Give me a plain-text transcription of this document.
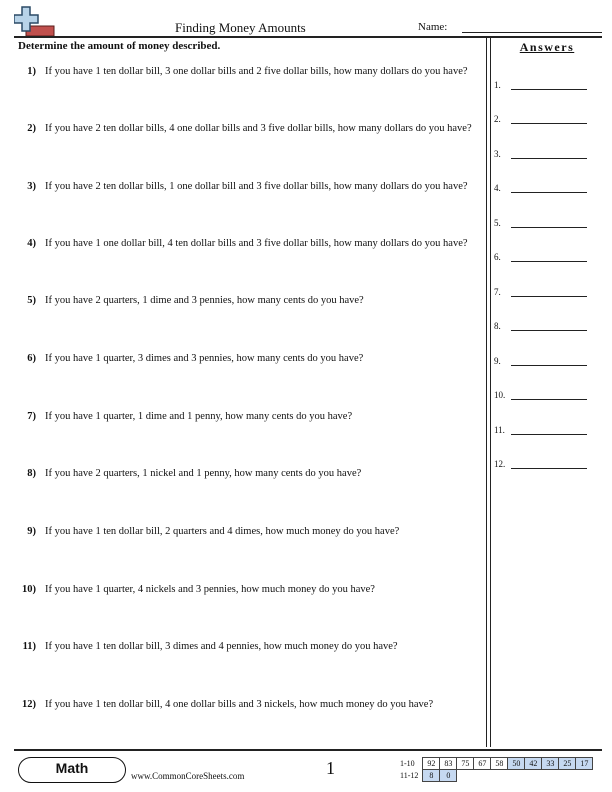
Finding Money Amounts	Name:
Determine the amount of money described.
1) If you have 1 ten dollar bill, 3 one dollar bills and 2 five dollar bills, how many dollars do you have?
2) If you have 2 ten dollar bills, 4 one dollar bills and 3 five dollar bills, how many dollars do you have?
3) If you have 2 ten dollar bills, 1 one dollar bill and 3 five dollar bills, how many dollars do you have?
4) If you have 1 one dollar bill, 4 ten dollar bills and 3 five dollar bills, how many dollars do you have?
5) If you have 2 quarters, 1 dime and 3 pennies, how many cents do you have?
6) If you have 1 quarter, 3 dimes and 3 pennies, how many cents do you have?
7) If you have 1 quarter, 1 dime and 1 penny, how many cents do you have?
8) If you have 2 quarters, 1 nickel and 1 penny, how many cents do you have?
9) If you have 1 ten dollar bill, 2 quarters and 4 dimes, how much money do you have?
10) If you have 1 quarter, 4 nickels and 3 pennies, how much money do you have?
11) If you have 1 ten dollar bill, 3 dimes and 4 pennies, how much money do you have?
12) If you have 1 ten dollar bill, 4 one dollar bills and 3 nickels, how much money do you have?
Answers
1.
2.
3.
4.
5.
6.
7.
8.
9.
10.
11.
12.
Math	www.CommonCoreSheets.com	1	1-10	92	83	75	67	58	50	42	33	25	17
11-12	8	0								
